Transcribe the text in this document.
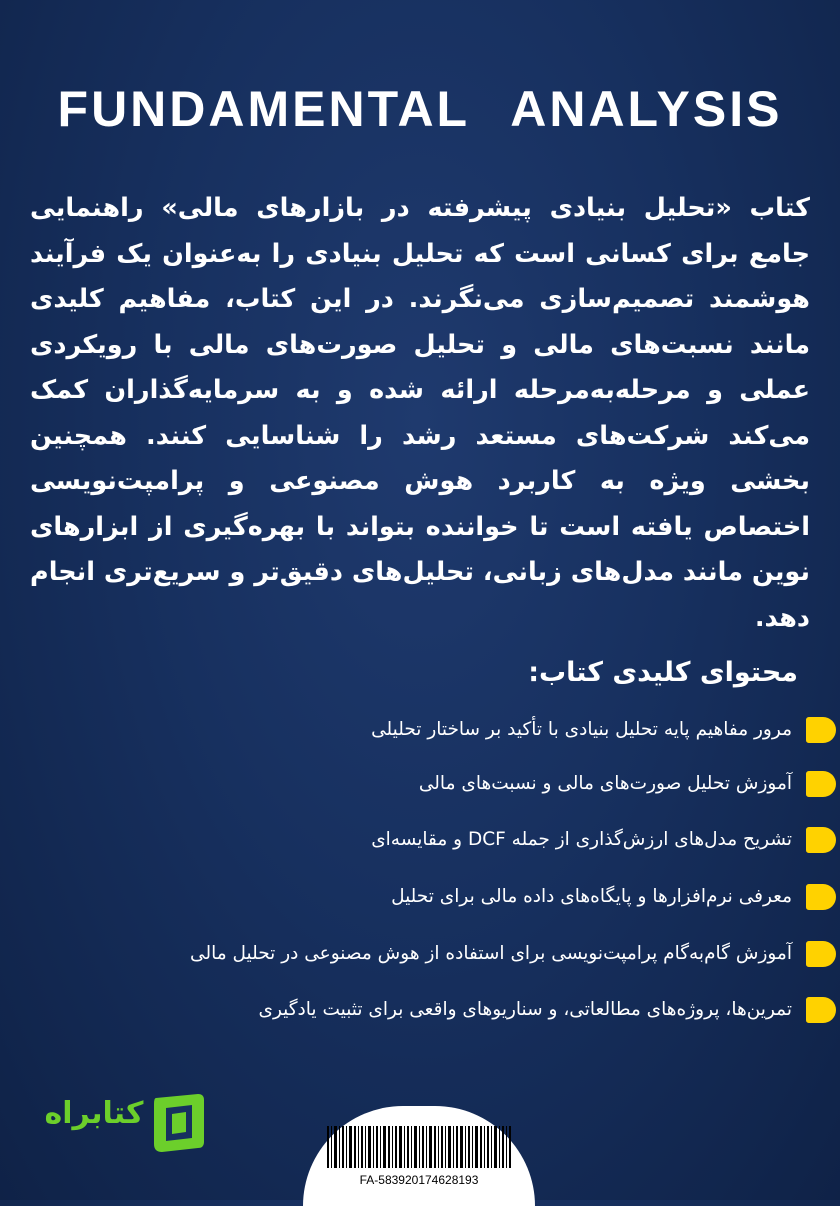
FUNDAMENTAL ANALYSIS
کتاب «تحلیل بنیادی پیشرفته در بازارهای مالی» راهنمایی جامع برای کسانی است که تحلیل بنیادی را به‌عنوان یک فرآیند هوشمند تصمیم‌سازی می‌نگرند. در این کتاب، مفاهیم کلیدی مانند نسبت‌های مالی و تحلیل صورت‌های مالی با رویکردی عملی و مرحله‌به‌مرحله ارائه شده و به سرمایه‌گذاران کمک می‌کند شرکت‌های مستعد رشد را شناسایی کنند. همچنین بخشی ویژه به کاربرد هوش مصنوعی و پرامپت‌نویسی اختصاص یافته است تا خواننده بتواند با بهره‌گیری از ابزارهای نوین مانند مدل‌های زبانی، تحلیل‌های دقیق‌تر و سریع‌تری انجام دهد.
محتوای کلیدی کتاب:
مرور مفاهیم پایه تحلیل بنیادی با تأکید بر ساختار تحلیلی
آموزش تحلیل صورت‌های مالی و نسبت‌های مالی
تشریح مدل‌های ارزش‌گذاری از جمله DCF و مقایسه‌ای
معرفی نرم‌افزارها و پایگاه‌های داده مالی برای تحلیل
آموزش گام‌به‌گام پرامپت‌نویسی برای استفاده از هوش مصنوعی در تحلیل مالی
تمرین‌ها، پروژه‌های مطالعاتی، و سناریوهای واقعی برای تثبیت یادگیری
کتابراه
FA-583920174628193
